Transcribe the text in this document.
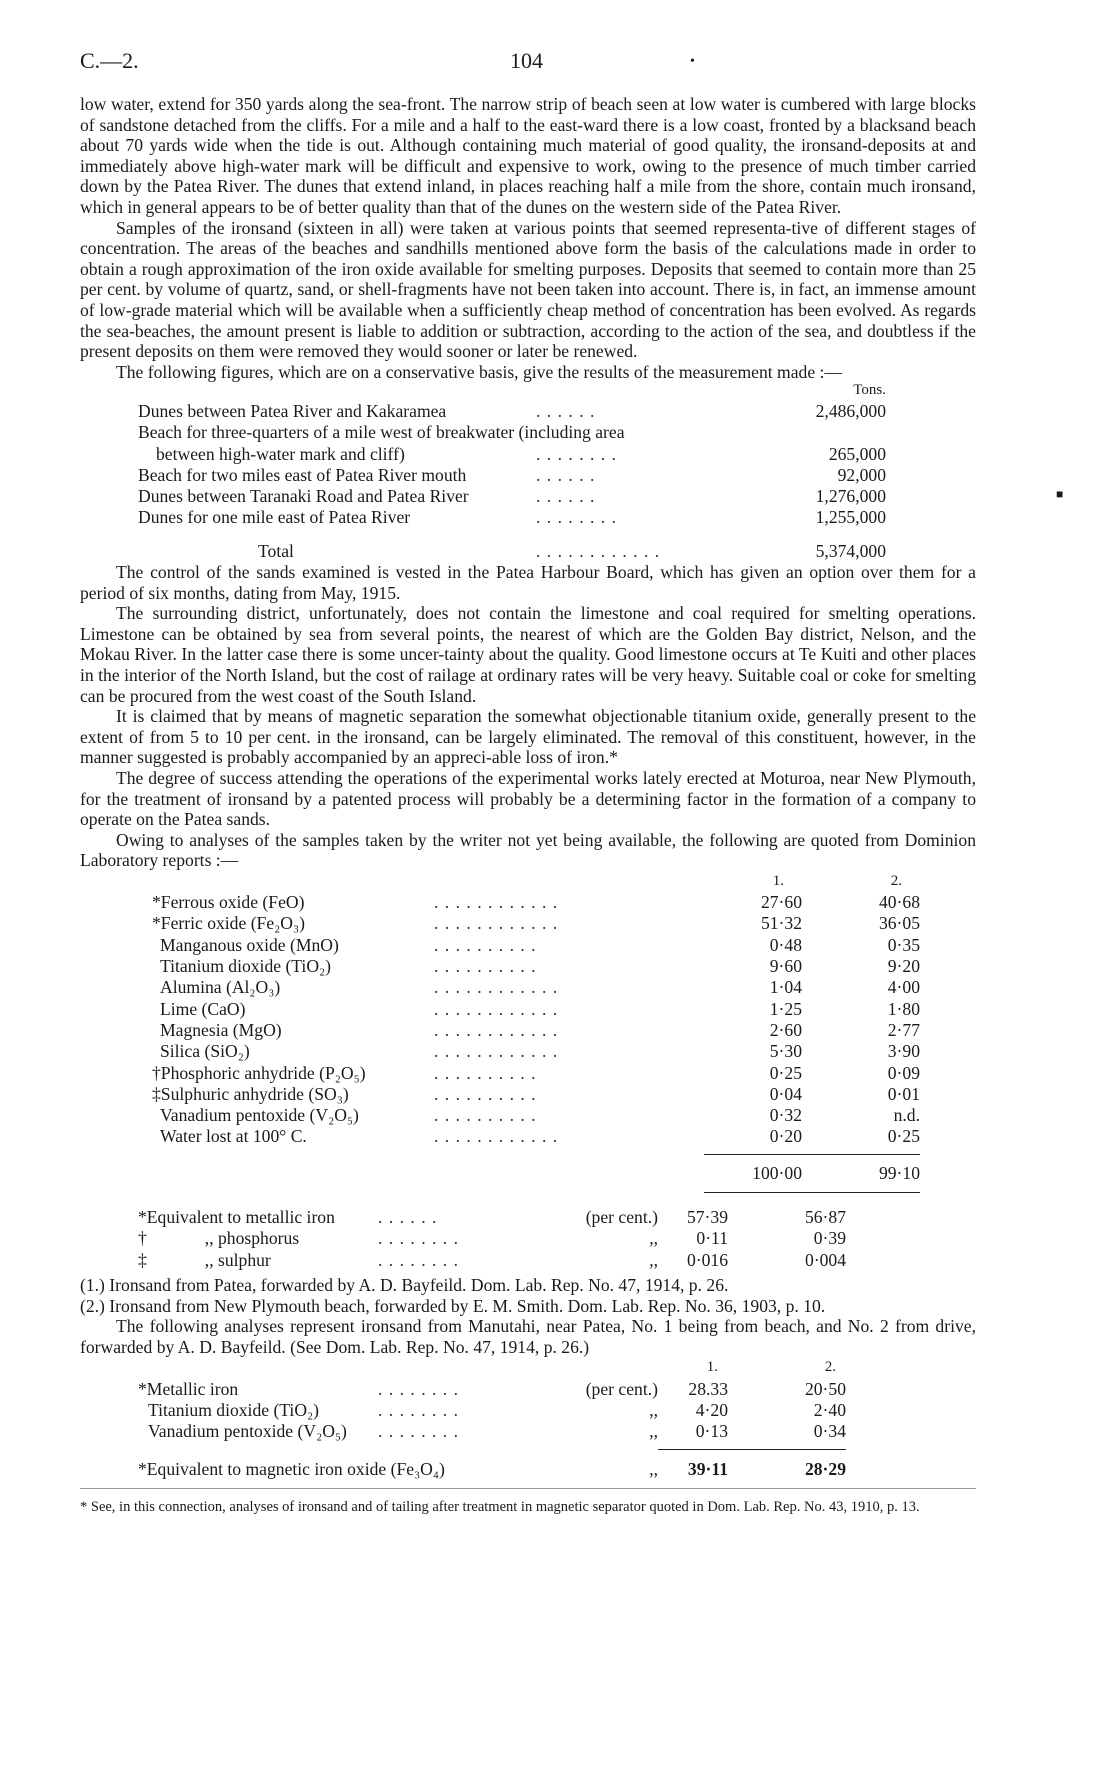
■
C.—2.	104	•

low water, extend for 350 yards along the sea-front. The narrow strip of beach seen at low water is cumbered with large blocks of sandstone detached from the cliffs. For a mile and a half to the east-ward there is a low coast, fronted by a blacksand beach about 70 yards wide when the tide is out. Although containing much material of good quality, the ironsand-deposits at and immediately above high-water mark will be difficult and expensive to work, owing to the presence of much timber carried down by the Patea River. The dunes that extend inland, in places reaching half a mile from the shore, contain much ironsand, which in general appears to be of better quality than that of the dunes on the western side of the Patea River.

Samples of the ironsand (sixteen in all) were taken at various points that seemed representa-tive of different stages of concentration. The areas of the beaches and sandhills mentioned above form the basis of the calculations made in order to obtain a rough approximation of the iron oxide available for smelting purposes. Deposits that seemed to contain more than 25 per cent. by volume of quartz, sand, or shell-fragments have not been taken into account. There is, in fact, an immense amount of low-grade material which will be available when a sufficiently cheap method of concentration has been evolved. As regards the sea-beaches, the amount present is liable to addition or subtraction, according to the action of the sea, and doubtless if the present deposits on them were removed they would sooner or later be renewed.

The following figures, which are on a conservative basis, give the results of the measurement made :—

Tons.
Dunes between Patea River and Kakaramea	. . . . . .	2,486,000
Beach for three-quarters of a mile west of breakwater (including area		
between high-water mark and cliff)	. . . . . . . .	265,000
Beach for two miles east of Patea River mouth	. . . . . .	92,000
Dunes between Taranaki Road and Patea River	. . . . . .	1,276,000
Dunes for one mile east of Patea River	. . . . . . . .	1,255,000

Total	. . . . . . . . . . . .	5,374,000

The control of the sands examined is vested in the Patea Harbour Board, which has given an option over them for a period of six months, dating from May, 1915.

The surrounding district, unfortunately, does not contain the limestone and coal required for smelting operations. Limestone can be obtained by sea from several points, the nearest of which are the Golden Bay district, Nelson, and the Mokau River. In the latter case there is some uncer-tainty about the quality. Good limestone occurs at Te Kuiti and other places in the interior of the North Island, but the cost of railage at ordinary rates will be very heavy. Suitable coal or coke for smelting can be procured from the west coast of the South Island.

It is claimed that by means of magnetic separation the somewhat objectionable titanium oxide, generally present to the extent of from 5 to 10 per cent. in the ironsand, can be largely eliminated. The removal of this constituent, however, in the manner suggested is probably accompanied by an appreci-able loss of iron.*

The degree of success attending the operations of the experimental works lately erected at Moturoa, near New Plymouth, for the treatment of ironsand by a patented process will probably be a determining factor in the formation of a company to operate on the Patea sands.

Owing to analyses of the samples taken by the writer not yet being available, the following are quoted from Dominion Laboratory reports :—

		1.	2.
*Ferrous oxide (FeO)	. . . . . . . . . . . .	27·60	40·68
*Ferric oxide (Fe₂O₃)	. . . . . . . . . . . .	51·32	36·05
Manganous oxide (MnO)	. . . . . . . . . .	0·48	0·35
Titanium dioxide (TiO₂)	. . . . . . . . . .	9·60	9·20
Alumina (Al₂O₃)	. . . . . . . . . . . .	1·04	4·00
Lime (CaO)	. . . . . . . . . . . .	1·25	1·80
Magnesia (MgO)	. . . . . . . . . . . .	2·60	2·77
Silica (SiO₂)	. . . . . . . . . . . .	5·30	3·90
†Phosphoric anhydride (P₂O₅)	. . . . . . . . . .	0·25	0·09
‡Sulphuric anhydride (SO₃)	. . . . . . . . . .	0·04	0·01
Vanadium pentoxide (V₂O₅)	. . . . . . . . . .	0·32	n.d.
Water lost at 100° C.	. . . . . . . . . . . .	0·20	0·25
		100·00	99·10
*Equivalent to metallic iron	. . . . . .	(per cent.)	57·39	56·87
† ,, phosphorus	. . . . . . . .	,,	0·11	0·39
‡ ,, sulphur	. . . . . . . .	,,	0·016	0·004

(1.) Ironsand from Patea, forwarded by A. D. Bayfeild. Dom. Lab. Rep. No. 47, 1914, p. 26.

(2.) Ironsand from New Plymouth beach, forwarded by E. M. Smith. Dom. Lab. Rep. No. 36, 1903, p. 10.

The following analyses represent ironsand from Manutahi, near Patea, No. 1 being from beach, and No. 2 from drive, forwarded by A. D. Bayfeild. (See Dom. Lab. Rep. No. 47, 1914, p. 26.)

			1.	2.
*Metallic iron	. . . . . . . .	(per cent.)	28.33	20·50
Titanium dioxide (TiO₂)	. . . . . . . .	,,	4·20	2·40
Vanadium pentoxide (V₂O₅)	. . . . . . . .	,,	0·13	0·34

*Equivalent to magnetic iron oxide (Fe₃O₄)		,,	39·11	28·29
* See, in this connection, analyses of ironsand and of tailing after treatment in magnetic separator quoted in Dom. Lab. Rep. No. 43, 1910, p. 13.
